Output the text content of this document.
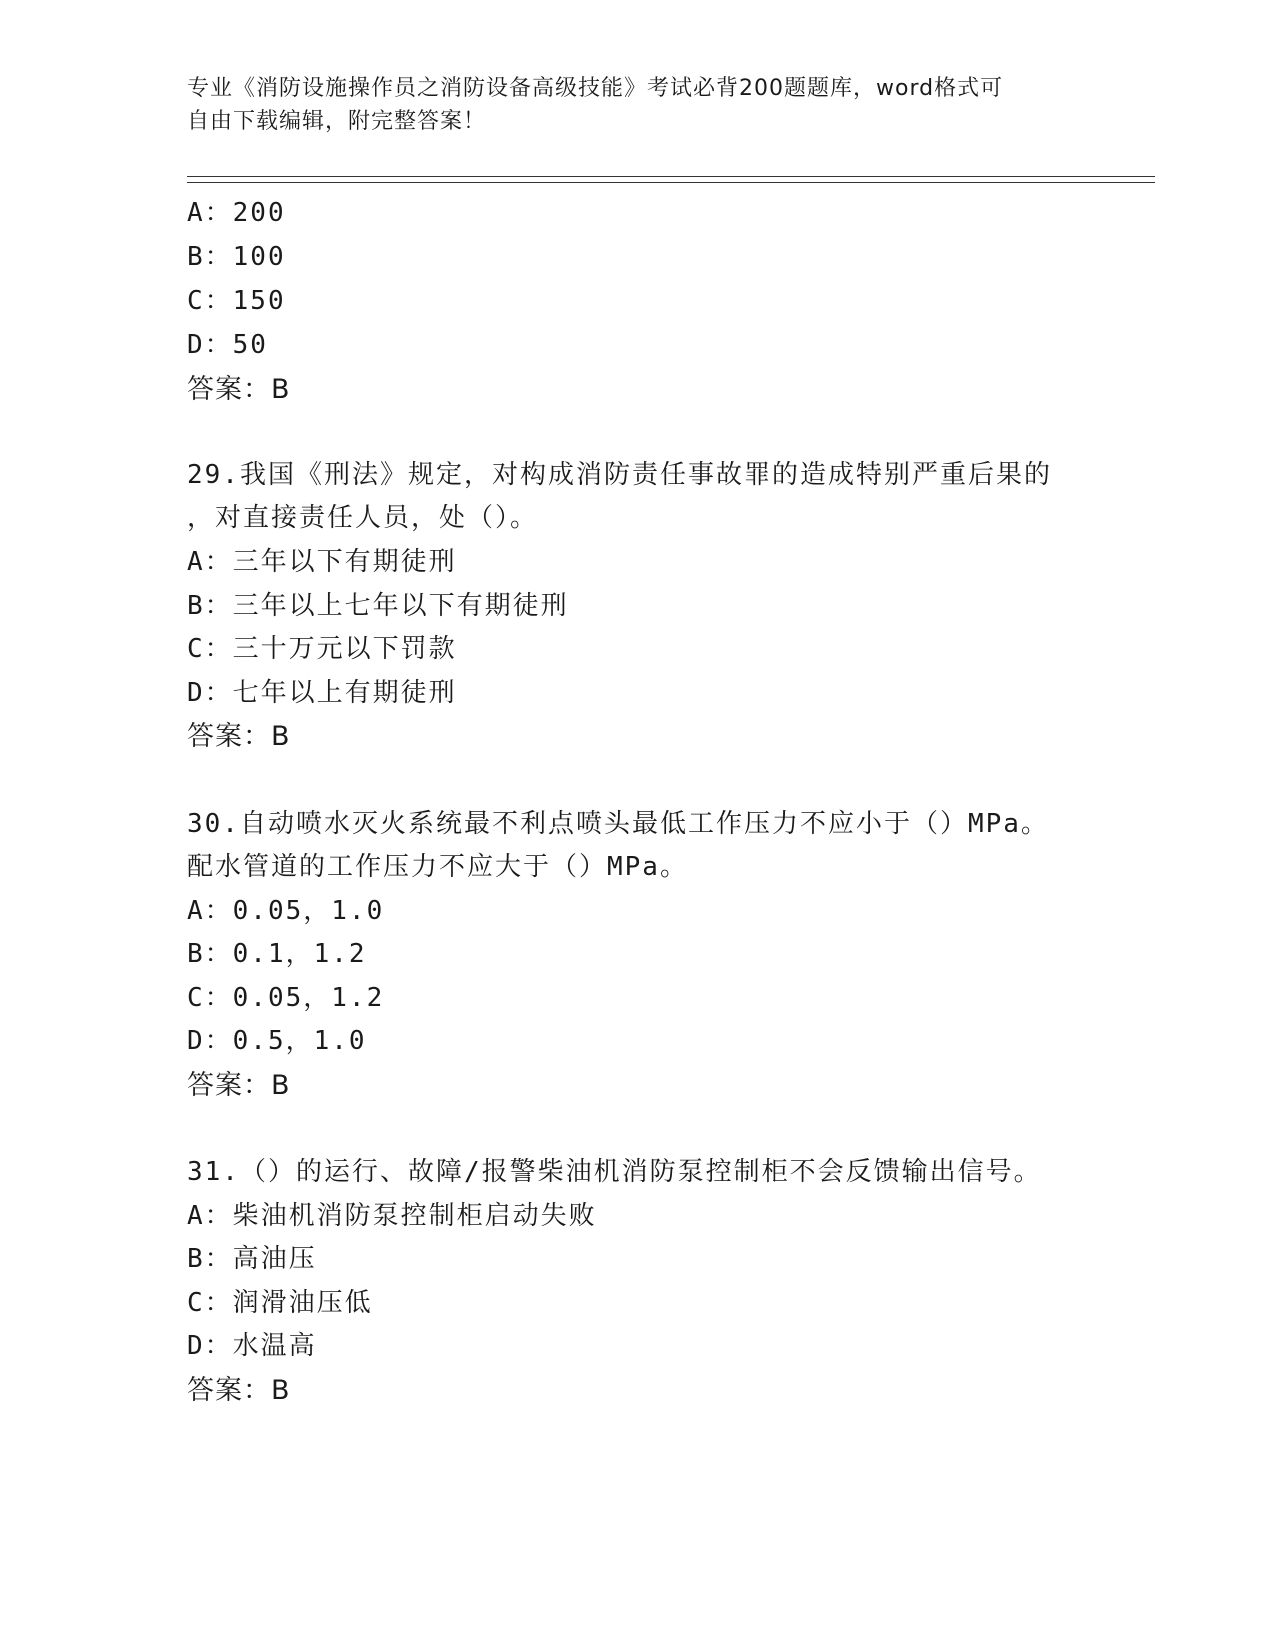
专业《消防设施操作员之消防设备高级技能》考试必背200题题库，word格式可
自由下载编辑，附完整答案！
A：200
B：100
C：150
D：50
答案：B
29.我国《刑法》规定，对构成消防责任事故罪的造成特别严重后果的
，对直接责任人员，处（）。
A：三年以下有期徒刑
B：三年以上七年以下有期徒刑
C：三十万元以下罚款
D：七年以上有期徒刑
答案：B
30.自动喷水灭火系统最不利点喷头最低工作压力不应小于（）MPa。
配水管道的工作压力不应大于（）MPa。
A：0.05，1.0
B：0.1，1.2
C：0.05，1.2
D：0.5，1.0
答案：B
31.（）的运行、故障/报警柴油机消防泵控制柜不会反馈输出信号。
A：柴油机消防泵控制柜启动失败
B：高油压
C：润滑油压低
D：水温高
答案：B
